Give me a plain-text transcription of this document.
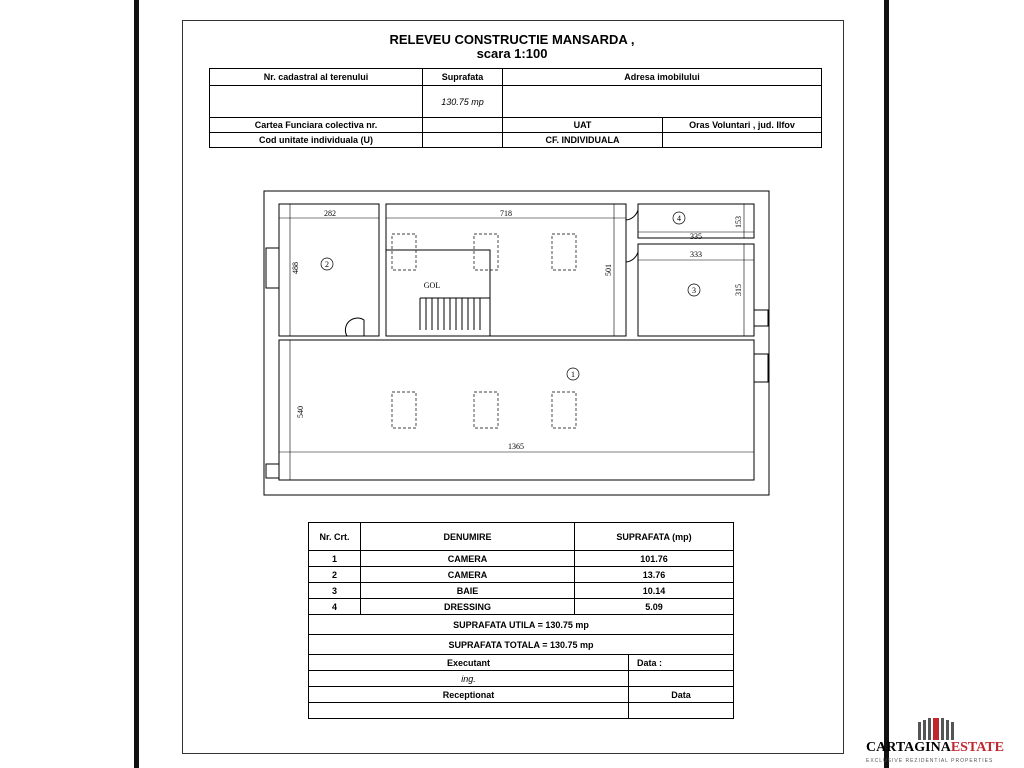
RELEVEU CONSTRUCTIE MANSARDA ,
scara 1:100
Nr. cadastral al terenului	Suprafata	Adresa imobilului	
	130.75 mp		
Cartea Funciara colectiva nr.		UAT	Oras Voluntari , jud. Ilfov
Cod unitate individuala (U)		CF. INDIVIDUALA	
282	718
335
333
488	501
153
315
540
1365
GOL
2
4
3
1
Nr. Crt.	DENUMIRE	SUPRAFATA (mp)	
1	CAMERA	101.76	
2	CAMERA	13.76	
3	BAIE	10.14	
4	DRESSING	5.09	
SUPRAFATA UTILA = 130.75 mp			
SUPRAFATA TOTALA = 130.75 mp			
Executant			Data :
ing.			
Receptionat			Data

CARTAGINAESTATE
EXCLUSIVE REZIDENTIAL PROPERTIES
